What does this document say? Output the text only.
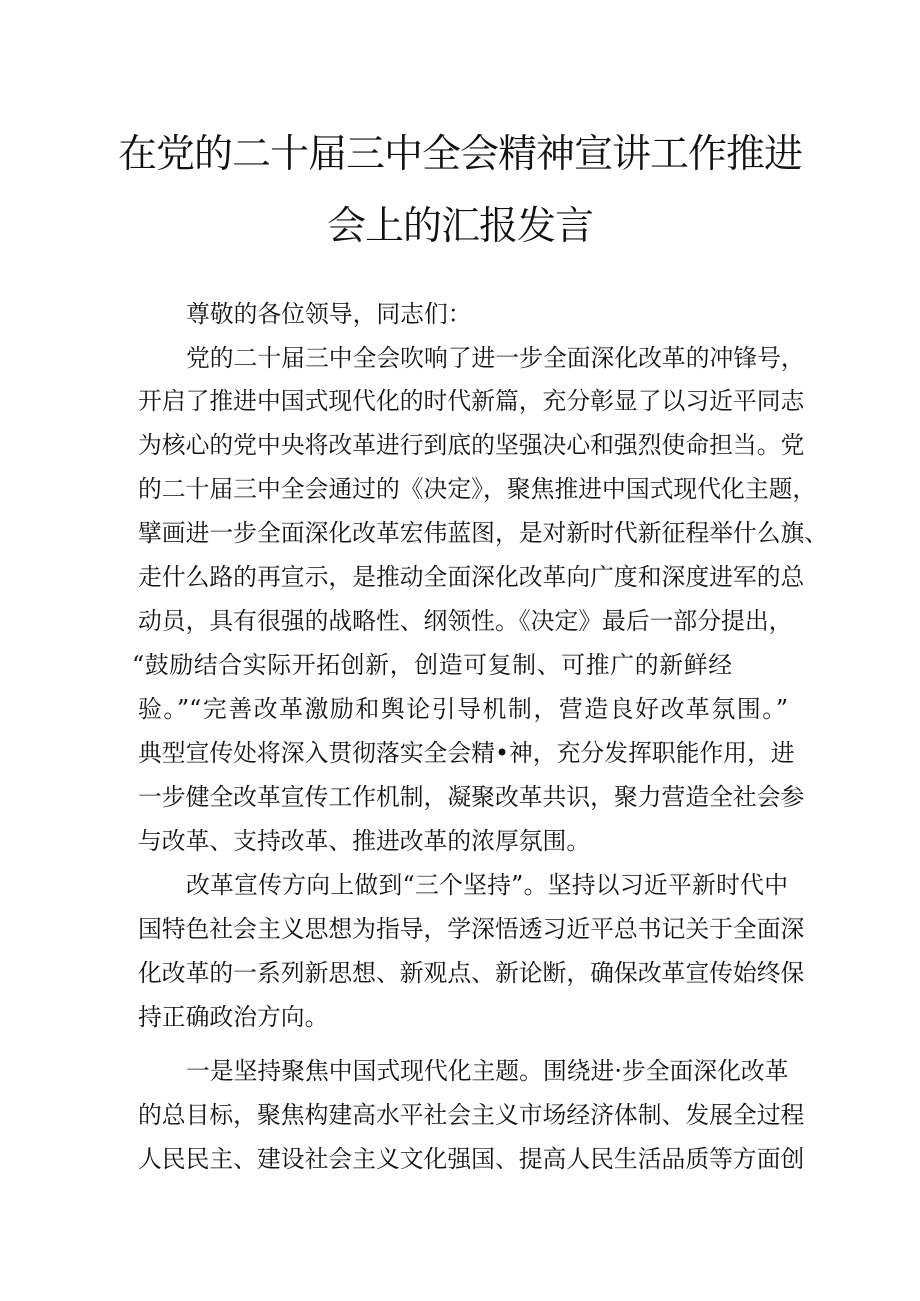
在党的二十届三中全会精神宣讲工作推进
会上的汇报发言
尊敬的各位领导，同志们：
党的二十届三中全会吹响了进一步全面深化改革的冲锋号，
开启了推进中国式现代化的时代新篇，充分彰显了以习近平同志
为核心的党中央将改革进行到底的坚强决心和强烈使命担当。党
的二十届三中全会通过的《决定》，聚焦推进中国式现代化主题，
擘画进一步全面深化改革宏伟蓝图，是对新时代新征程举什么旗、
走什么路的再宣示，是推动全面深化改革向广度和深度进军的总
动员，具有很强的战略性、纲领性。《决定》最后一部分提出，
“鼓励结合实际开拓创新，创造可复制、可推广的新鲜经
验。”“完善改革激励和舆论引导机制，营造良好改革氛围。”
典型宣传处将深入贯彻落实全会精•神，充分发挥职能作用，进
一步健全改革宣传工作机制，凝聚改革共识，聚力营造全社会参
与改革、支持改革、推进改革的浓厚氛围。
改革宣传方向上做到“三个坚持”。坚持以习近平新时代中
国特色社会主义思想为指导，学深悟透习近平总书记关于全面深
化改革的一系列新思想、新观点、新论断，确保改革宣传始终保
持正确政治方向。
一是坚持聚焦中国式现代化主题。围绕进·步全面深化改革
的总目标，聚焦构建高水平社会主义市场经济体制、发展全过程
人民民主、建设社会主义文化强国、提高人民生活品质等方面创
